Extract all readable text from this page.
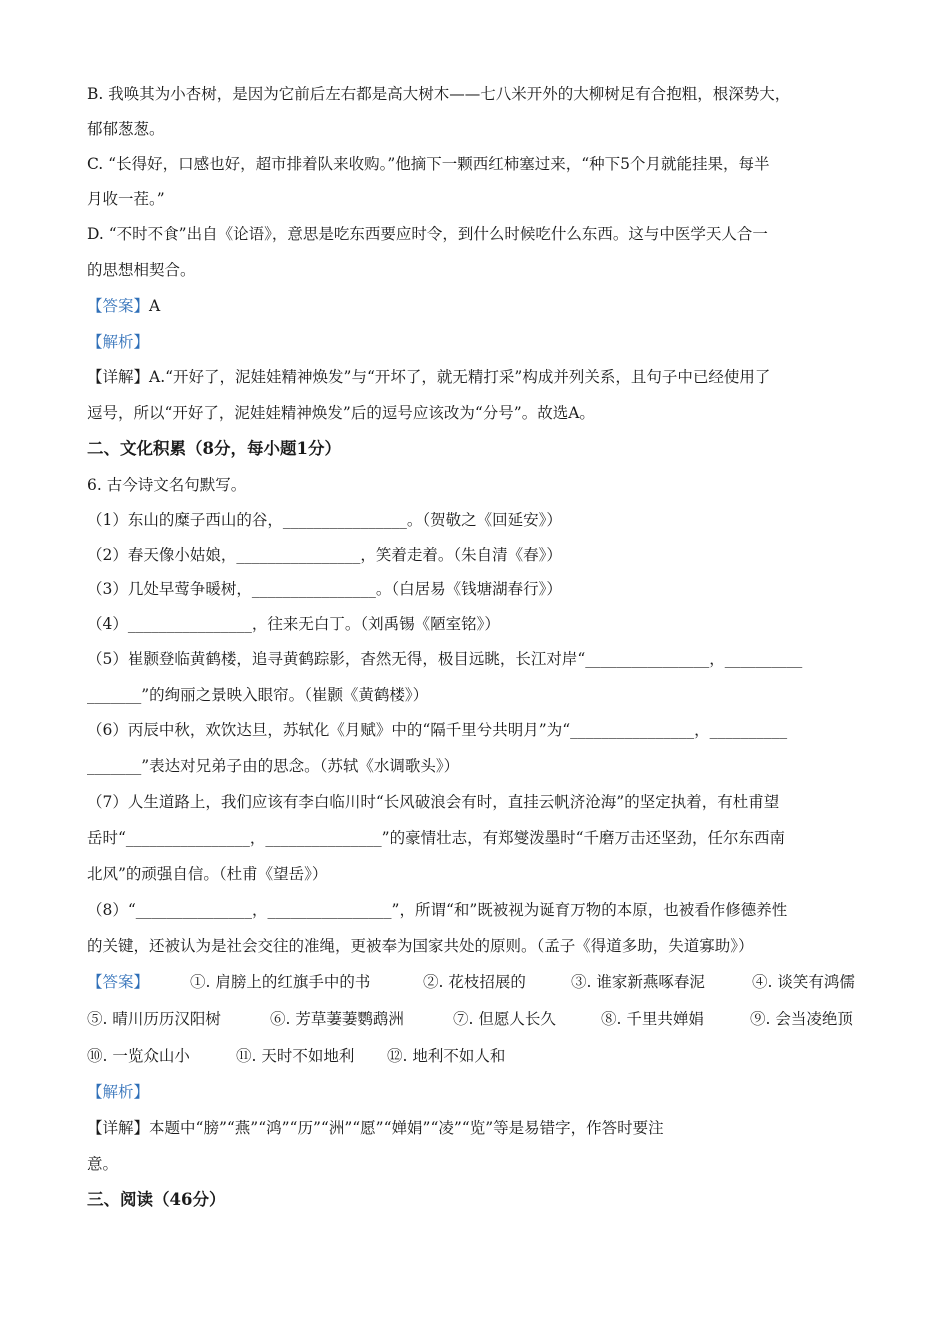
B. 我唤其为小杏树，是因为它前后左右都是高大树木——七八米开外的大柳树足有合抱粗，根深势大，
郁郁葱葱。
C. “长得好，口感也好，超市排着队来收购。”他摘下一颗西红柿塞过来，“种下5个月就能挂果，每半
月收一茬。”
D. “不时不食”出自《论语》，意思是吃东西要应时令，到什么时候吃什么东西。这与中医学天人合一
的思想相契合。
【答案】A
【解析】
【详解】A.“开好了，泥娃娃精神焕发”与“开坏了，就无精打采”构成并列关系，且句子中已经使用了
逗号，所以“开好了，泥娃娃精神焕发”后的逗号应该改为“分号”。故选A。
二、文化积累（8分，每小题1分）
6. 古今诗文名句默写。
（1）东山的糜子西山的谷，________________。（贺敬之《回延安》）
（2）春天像小姑娘，________________，笑着走着。（朱自清《春》）
（3）几处早莺争暖树，________________。（白居易《钱塘湖春行》）
（4）________________，往来无白丁。（刘禹锡《陋室铭》）
（5）崔颢登临黄鹤楼，追寻黄鹤踪影，杳然无得，极目远眺，长江对岸“________________，__________
_______”的绚丽之景映入眼帘。（崔颢《黄鹤楼》）
（6）丙辰中秋，欢饮达旦，苏轼化《月赋》中的“隔千里兮共明月”为“________________，__________
_______”表达对兄弟子由的思念。（苏轼《水调歌头》）
（7）人生道路上，我们应该有李白临川时“长风破浪会有时，直挂云帆济沧海”的坚定执着，有杜甫望
岳时“________________，_______________”的豪情壮志，有郑燮泼墨时“千磨万击还坚劲，任尔东西南
北风”的顽强自信。（杜甫《望岳》）
（8）“_______________，________________”，所谓“和”既被视为诞育万物的本原，也被看作修德养性
的关键，还被认为是社会交往的准绳，更被奉为国家共处的原则。（孟子《得道多助，失道寡助》）
【答案】	①. 肩膀上的红旗手中的书	②. 花枝招展的	③. 谁家新燕啄春泥	④. 谈笑有鸿儒
⑤. 晴川历历汉阳树	⑥. 芳草萋萋鹦鹉洲	⑦. 但愿人长久	⑧. 千里共婵娟	⑨. 会当凌绝顶
⑩. 一览众山小	⑪. 天时不如地利 ⑫. 地利不如人和
【解析】
【详解】本题中“膀”“燕”“鸿”“历”“洲”“愿”“婵娟”“凌”“览”等是易错字，作答时要注
意。
三、阅读（46分）
